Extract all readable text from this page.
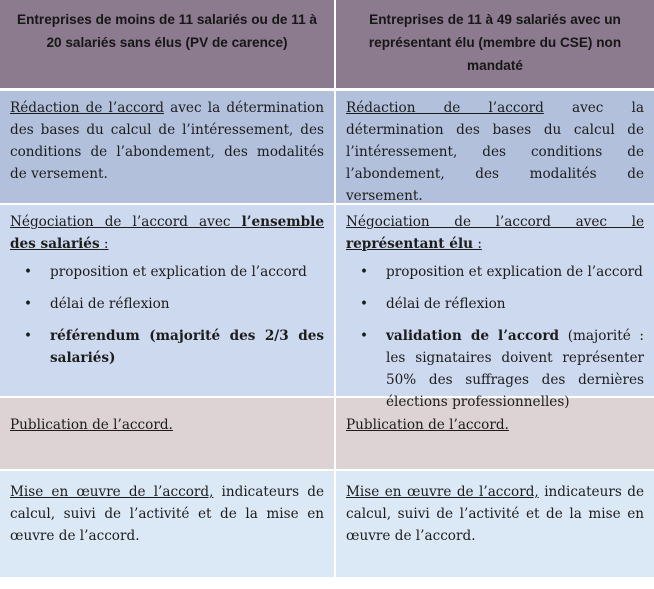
Entreprises de moins de 11 salariés ou de 11 à 20 salariés sans élus (PV de carence)
Entreprises de 11 à 49 salariés avec un représentant élu (membre du CSE) non mandaté
Rédaction de l’accord avec la détermination des bases du calcul de l’intéressement, des conditions de l’abondement, des modalités de versement.
Rédaction de l’accord avec la détermination des bases du calcul de l’intéressement, des conditions de l’abondement, des modalités de versement.
Négociation de l’accord avec l’ensemble des salariés :
• proposition et explication de l’accord
• délai de réflexion
• référendum (majorité des 2/3 des salariés)
Négociation de l’accord avec le représentant élu :
• proposition et explication de l’accord
• délai de réflexion
• validation de l’accord (majorité : les signataires doivent représenter 50% des suffrages des dernières élections professionnelles)
Publication de l’accord.	Publication de l’accord.
Mise en œuvre de l’accord, indicateurs de calcul, suivi de l’activité et de la mise en œuvre de l’accord.
Mise en œuvre de l’accord, indicateurs de calcul, suivi de l’activité et de la mise en œuvre de l’accord.
